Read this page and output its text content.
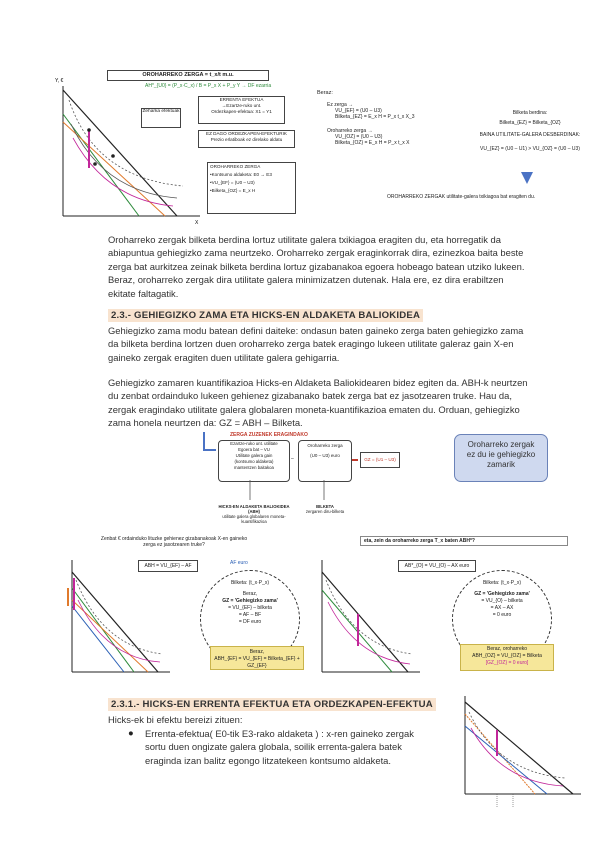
Y, €
X
OROHARREKO ZERGA = t_x/t m.u.
AH*_{U0} = (P_x·C_x) / B = P_x X + P_y Y → DF ezarria
Zeharka efektuak
ERRENTA EFEKTUA
→Ezartze-ruko unt.
Ordezkapen-efektua: X1 = Y1
EZ DAGO ORDEZKAPEN-EFEKTURIK
Prezio erlatiboak ez direlako aldatu
OROHARREKO ZERGA
•Kontsumo aldaketa: E0 → E3
•VU_{EF} = (U0 – U3)
•Bilketa_{OZ} = E_x H
Beraz:
Ez zerga →
VU_{EF} = (U0 – U3)
Bilketa_{EZ} = E_x H = P_x t_x X_3
Oroharreko zerga →
VU_{OZ} = (U0 – U3)
Bilketa_{OZ} = E_x H = P_x t_x X
Bilketa berdina:
Bilketa_{EZ} = Bilketa_{OZ}
BAINA UTILITATE-GALERA DESBERDINAK:
VU_{EZ} = (U0 – U1) > VU_{OZ} = (U0 – U3)
OROHARREKO ZERGAK utilitate-galera txikiagoa bat eragiten du.
Oroharreko zergak bilketa berdina lortuz utilitate galera txikiagoa eragiten du, eta horregatik da abiapuntua gehiegizko zama neurtzeko. Oroharreko zergak eraginkorrak dira, ezinezkoa baita beste zerga bat aurkitzea zeinak bilketa berdina lortuz gizabanakoa egoera hobeago batean utziko lukeen. Beraz, oroharreko zergak dira utilitate galera minimizatzen dutenak. Hala ere, ez dira erabiltzen ekitate faltagatik.
2.3.- GEHIEGIZKO ZAMA ETA HICKS-EN ALDAKETA BALIOKIDEA
Gehiegizko zama modu batean defini daiteke: ondasun baten gaineko zerga baten gehiegizko zama da bilketa berdina lortzen duen oroharreko zerga batek eragingo lukeen utilitate galeraz gain X-en gaineko zergak eragiten duen utilitate galera gehigarria.
Gehiegizko zamaren kuantifikazioa Hicks-en Aldaketa Baliokidearen bidez egiten da. ABH-k neurtzen du zenbat ordainduko lukeen gehienez gizabanako batek zerga bat ez jasotzearen truke. Hau da, zergak eragindako utilitate galera globalaren moneta-kuantifikazioa ematen du. Orduan, gehiegizko zama honela neurtzen da: GZ = ABH – Bilketa.
ZERGA ZUZENEK ERAGINDAKO
Ezartze-ruko unt. utilitate
Egoera bat – VU
Utilitate galera gain
(kontsumo aldaketa)
mantentzen baitakoa
–
Oroharreko zerga
(U0 – U3) euro
GZ = (U1 – U3)
HICKS-EN ALDAKETA BALIOKIDEA (ABH)
utilitate galera globalaren moneta-kuantifikazioa
BILKETA
zergaren diru-bilketa
Oroharreko zergak
ez du ie gehiegizko
zamarik
Zenbat € ordainduko lituzke gehienez gizabanakoak X-en gaineko zerga ez jasotzearen truke?
ABH = VU_{EF} – AF	AF euro
Bilketa: (t_x·P_x)
Beraz,
GZ = 'Gehiegizko zama'
= VU_{EF} – bilketa
= AF – BF
= DF euro
Beraz,
ABH_{EF} = VU_{EF} = Bilketa_{EF} + GZ_{EF}
eta, zein da oroharreko zerga T_x baten ABH*?
AB*_{O} = VU_{O} – AX euro
Bilketa: (t_x·P_x)
GZ = 'Gehiegizko zama'
= VU_{O} – bilketa
= AX – AX
= 0 euro
Beraz, oroharreko
ABH_{OZ} = VU_{OZ} = Bilketa
[GZ_{OZ} = 0 euro]
2.3.1.- HICKS-EN ERRENTA EFEKTUA ETA ORDEZKAPEN-EFEKTUA
Hicks-ek bi efektu bereizi zituen:
● Errenta-efektua( E0-tik E3-rako aldaketa ) : x-ren gaineko zergak sortu duen ongizate galera globala, soilik errenta-galera batek eraginda izan balitz egongo litzatekeen kontsumo aldaketa.
